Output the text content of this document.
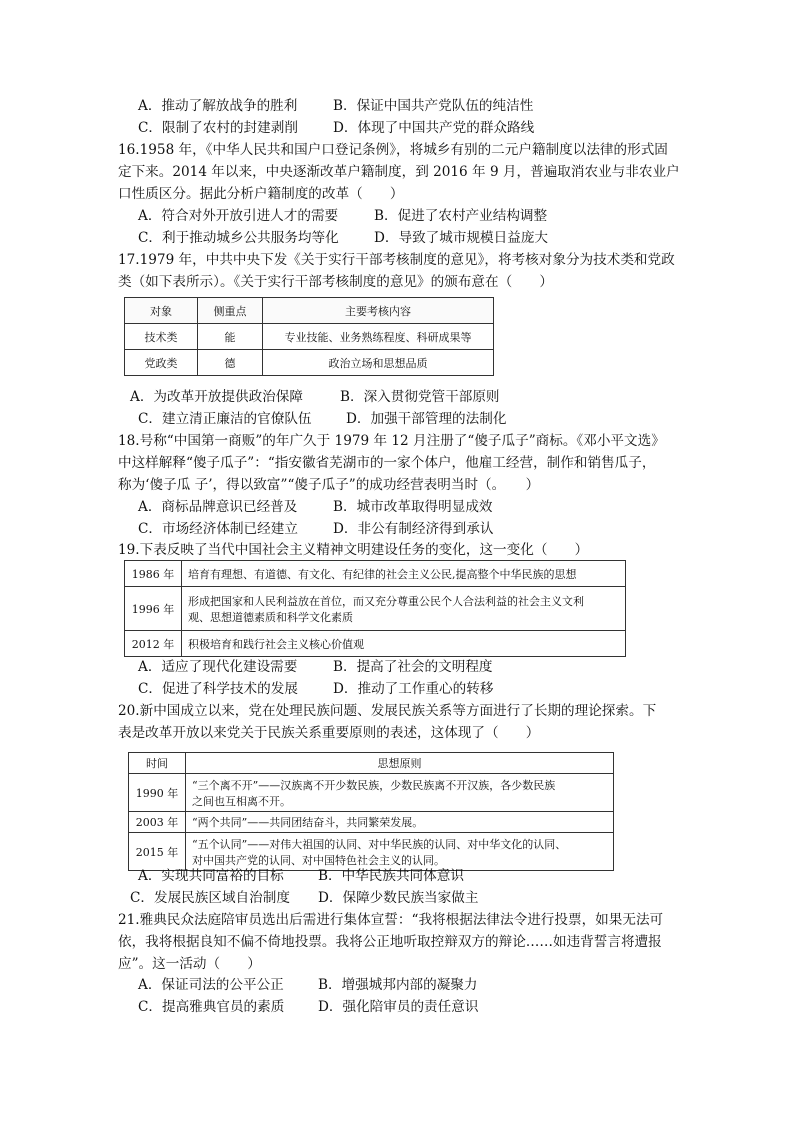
A．推动了解放战争的胜利	B．保证中国共产党队伍的纯洁性
C．限制了农村的封建剥削	D．体现了中国共产党的群众路线
16.1958 年，《中华人民共和国户口登记条例》，将城乡有别的二元户籍制度以法律的形式固
定下来。2014 年以来，中央逐渐改革户籍制度，到 2016 年 9 月，普遍取消农业与非农业户
口性质区分。据此分析户籍制度的改革（　　）
A．符合对外开放引进人才的需要	B．促进了农村产业结构调整
C．利于推动城乡公共服务均等化	D．导致了城市规模日益庞大
17.1979 年，中共中央下发《关于实行干部考核制度的意见》，将考核对象分为技术类和党政
类（如下表所示）。《关于实行干部考核制度的意见》的颁布意在（　　）
对象	侧重点	主要考核内容
技术类	能	专业技能、业务熟练程度、科研成果等
党政类	德	政治立场和思想品质
A．为改革开放提供政治保障	B．深入贯彻党管干部原则
C．建立清正廉洁的官僚队伍	D．加强干部管理的法制化
18.号称“中国第一商贩”的年广久于 1979 年 12 月注册了“傻子瓜子”商标。《邓小平文选》
中这样解释“傻子瓜子”：“指安徽省芜湖市的一家个体户，他雇工经营，制作和销售瓜子，
称为‘傻子瓜 子’，得以致富”“傻子瓜子”的成功经营表明当时（。　　）
A．商标品牌意识已经普及	B．城市改革取得明显成效
C．市场经济体制已经建立	D．非公有制经济得到承认
19.下表反映了当代中国社会主义精神文明建设任务的变化，这一变化（　　）
1986 年	培育有理想、有道德、有文化、有纪律的社会主义公民,提高整个中华民族的思想
1996 年	形成把国家和人民利益放在首位，而又充分尊重公民个人合法利益的社会主义文利
观、思想道德素质和科学文化素质

2012 年	积极培育和践行社会主义核心价值观
A．适应了现代化建设需要	B．提高了社会的文明程度
C．促进了科学技术的发展	D．推动了工作重心的转移
20.新中国成立以来，党在处理民族问题、发展民族关系等方面进行了长期的理论探索。下
表是改革开放以来党关于民族关系重要原则的表述，这体现了（　　）
时间	思想原则
1990 年	“三个离不开”——汉族离不开少数民族，少数民族离不开汉族，各少数民族
之间也互相离不开。

2003 年	“两个共同”——共同团结奋斗，共同繁荣发展。
2015 年	“五个认同”——对伟大祖国的认同、对中华民族的认同、对中华文化的认同、
对中国共产党的认同、对中国特色社会主义的认同。
A．实现共同富裕的目标	B．中华民族共同体意识
C．发展民族区域自治制度 D．保障少数民族当家做主
21.雅典民众法庭陪审员选出后需进行集体宣誓：“我将根据法律法令进行投票，如果无法可
依，我将根据良知不偏不倚地投票。我将公正地听取控辩双方的辩论……如违背誓言将遭报
应”。这一活动（　　）
A．保证司法的公平公正	B．增强城邦内部的凝聚力
C．提高雅典官员的素质 D．强化陪审员的责任意识
